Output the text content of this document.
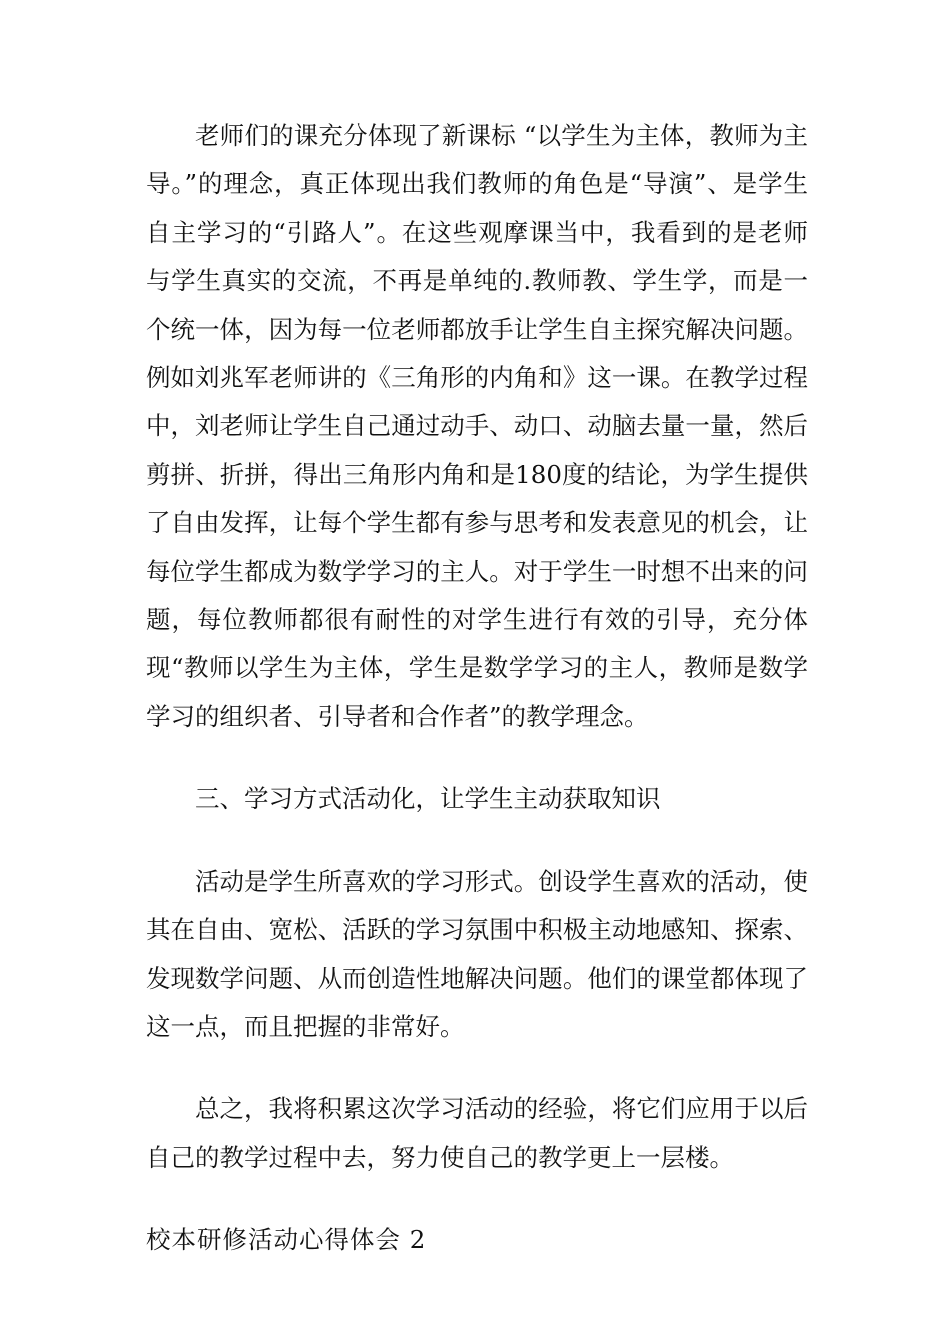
老师们的课充分体现了新课标 “以学生为主体，教师为主导。”的理念，真正体现出我们教师的角色是“导演”、是学生自主学习的“引路人”。在这些观摩课当中，我看到的是老师与学生真实的交流，不再是单纯的.教师教、学生学，而是一个统一体，因为每一位老师都放手让学生自主探究解决问题。例如刘兆军老师讲的《三角形的内角和》这一课。在教学过程中，刘老师让学生自己通过动手、动口、动脑去量一量，然后剪拼、折拼，得出三角形内角和是180度的结论，为学生提供了自由发挥，让每个学生都有参与思考和发表意见的机会，让每位学生都成为数学学习的主人。对于学生一时想不出来的问题，每位教师都很有耐性的对学生进行有效的引导，充分体现“教师以学生为主体，学生是数学学习的主人，教师是数学学习的组织者、引导者和合作者”的教学理念。

三、学习方式活动化，让学生主动获取知识

活动是学生所喜欢的学习形式。创设学生喜欢的活动，使其在自由、宽松、活跃的学习氛围中积极主动地感知、探索、发现数学问题、从而创造性地解决问题。他们的课堂都体现了这一点，而且把握的非常好。

总之，我将积累这次学习活动的经验，将它们应用于以后自己的教学过程中去，努力使自己的教学更上一层楼。

校本研修活动心得体会 2
